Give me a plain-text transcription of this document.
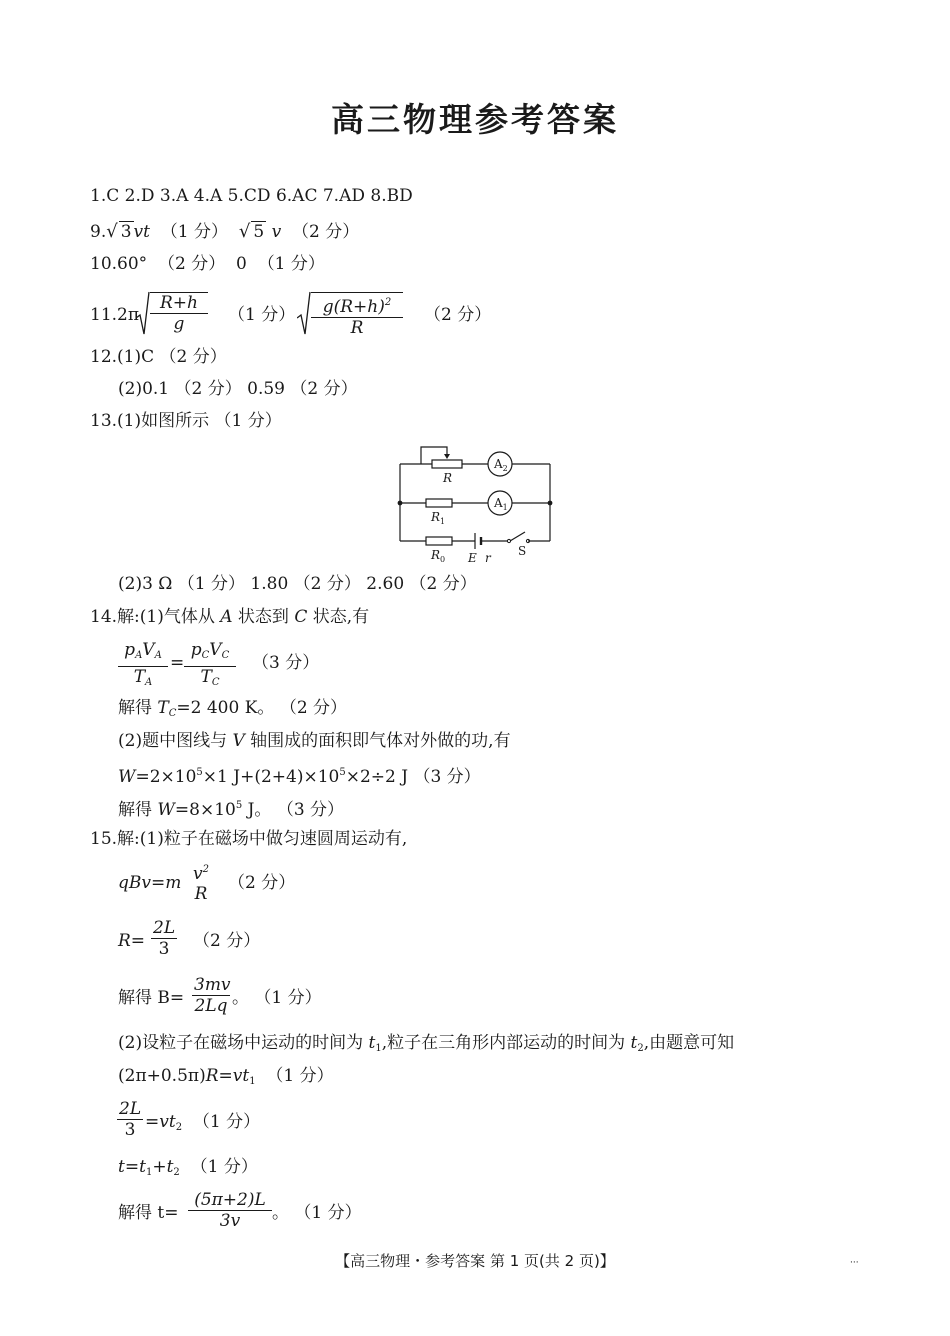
高三物理参考答案
1.C 2.D 3.A 4.A 5.CD 6.AC 7.AD 8.BD
9.√ 3 vt （1 分） √ 5 v （2 分）
10.60° （2 分） 0 （1 分）
$11.2\pi \frac{R+h}{g} (1$ 分） $\frac{g(R+h)^2}{R} (2$ 分）
12.(1)C （2 分）
(2)0.1 （2 分） 0.59 （2 分）
13.(1)如图所示 （1 分）
R
$A_2$
$A_1$
$R_1$
$R_0$ E r S
(2)3 Ω （1 分） 1.80 （2 分） 2.60 （2 分）
14.解:(1)气体从 A 状态到 C 状态,有
$p_AV_A$
$T_A$
=
$p_CV_C$
$T_C$
（3 分）
解得 $T_C=2$ 400 K。 （2 分）
(2)题中图线与 V 轴围成的面积即气体对外做的功,有
$W=2\times 10^5\times 1$ $J+(2+4)\times 10^5\times 2\div 2$ J （3 分）
解得 $W=8\times 10^5$ J。 （3 分）
15.解:(1)粒子在磁场中做匀速圆周运动有,
qBv=m $v^2$
R
（2 分）
$R= \frac{2L}{3} (2$ 分）
解得 $B= \frac{3mv}{2Lq}$ 。 （1 分）
(2)设粒子在磁场中运动的时间为 $t_1$,粒子在三角形内部运动的时间为 $t_2$,由题意可知
$(2\pi+0.5\pi)R=vt_1$ （1 分）
$\frac{2L}{3} =vt_2$ （1 分）
$t=t_1+t_2$ （1 分）
解得 $t= \frac{(5\pi+2)L}{3v}$ 。 （1 分）
【高三物理・参考答案 第 1 页(共 2 页)】	···
